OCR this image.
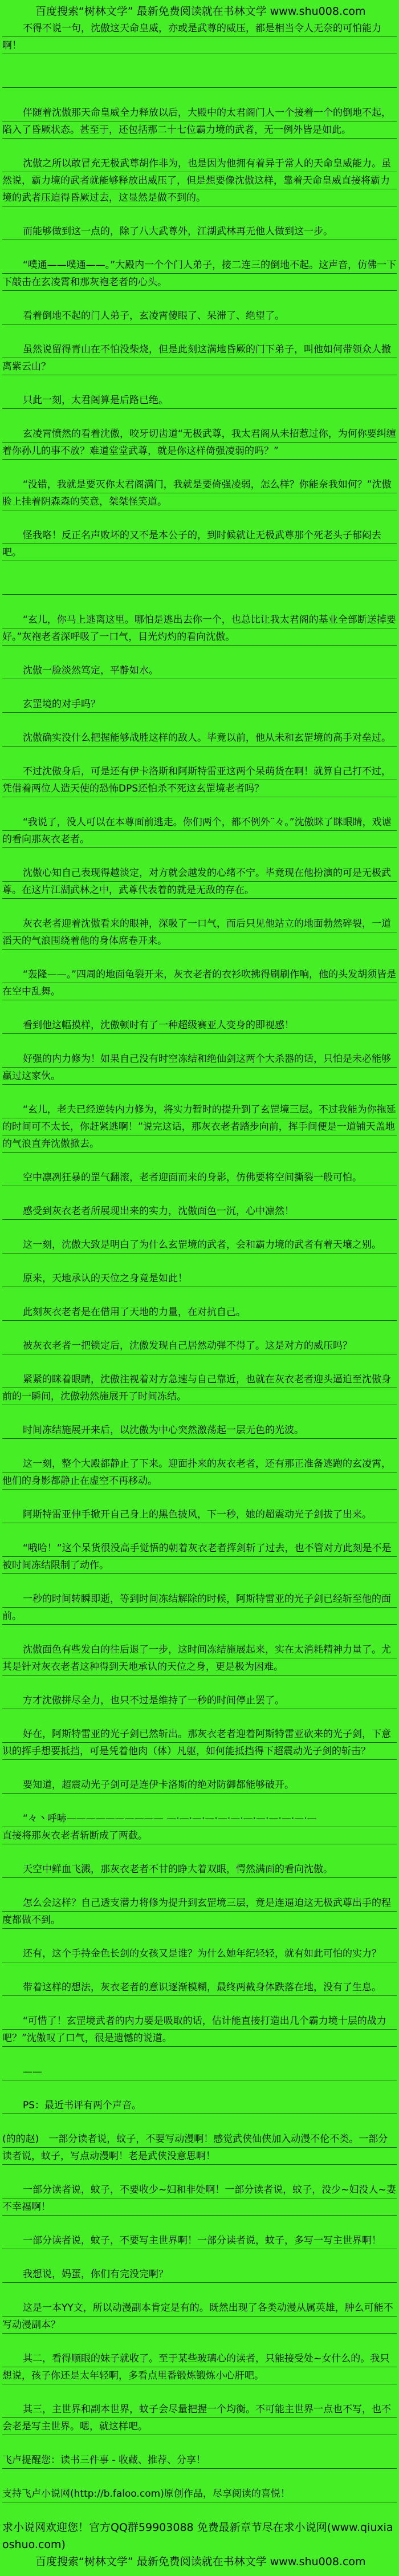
百度搜索“树林文学” 最新免费阅读就在书林文学 www.shu008.com

不得不说一句，沈傲这天命皇威，亦或是武尊的威压，都是相当令人无奈的可怕能力啊！

伴随着沈傲那天命皇威全力释放以后，大殿中的太君阁门人一个接着一个的倒地不起，陷入了昏厥状态。甚至于，还包括那二十七位霸力境的武者，无一例外皆是如此。

沈傲之所以敢冒充无极武尊胡作非为，也是因为他拥有着异于常人的天命皇威能力。虽然说，霸力境的武者就能够释放出威压了，但是想要像沈傲这样，靠着天命皇威直接将霸力境的武者压迫得昏厥过去，这显然是做不到的。

而能够做到这一点的，除了八大武尊外，江湖武林再无他人做到这一步。

“噗通——噗通——。”大殿内一个个门人弟子，接二连三的倒地不起。这声音，仿佛一下下敲击在玄凌霄和那灰袍老者的心头。

看着倒地不起的门人弟子，玄凌霄傻眼了、呆滞了、绝望了。

虽然说留得青山在不怕没柴烧，但是此刻这满地昏厥的门下弟子，叫他如何带领众人撤离紫云山？

只此一刻，太君阁算是后路已绝。

玄凌霄愤然的看着沈傲，咬牙切齿道“无极武尊，我太君阁从未招惹过你，为何你要纠缠着你孙儿的事不放？难道堂堂武尊，就是你这样倚强凌弱的吗？”

“没错，我就是要灭你太君阁满门，我就是要倚强凌弱，怎么样？你能奈我如何？”沈傲脸上挂着阴森森的笑意，桀桀怪笑道。

怪我咯！反正名声败坏的又不是本公子的，到时候就让无极武尊那个死老头子郁闷去吧。

“玄儿，你马上逃离这里。哪怕是逃出去你一个，也总比让我太君阁的基业全部断送掉要好。”灰袍老者深呼吸了一口气，目光灼灼的看向沈傲。

沈傲一脸淡然笃定，平静如水。

玄罡境的对手吗？

沈傲确实没什么把握能够战胜这样的敌人。毕竟以前，他从未和玄罡境的高手对垒过。

不过沈傲身后，可是还有伊卡洛斯和阿斯特雷亚这两个呆萌货在啊！就算自己打不过，凭借着两位人造天使的恐怖DPS还怕杀不死这玄罡境老者吗？

“我说了，没人可以在本尊面前逃走。你们两个，都不例外¨々。”沈傲眯了眯眼睛，戏谑的看向那灰衣老者。

沈傲心知自己表现得越淡定，对方就会越发的心绪不宁。毕竟现在他扮演的可是无极武尊。在这片江湖武林之中，武尊代表着的就是无敌的存在。

灰衣老者迎着沈傲看来的眼神，深吸了一口气，而后只见他站立的地面勃然碎裂，一道滔天的气浪围绕着他的身体席卷开来。

“轰隆——。”四周的地面龟裂开来，灰衣老者的衣衫吹拂得刷刷作响，他的头发胡须皆是在空中乱舞。

看到他这幅摸样，沈傲顿时有了一种超级赛亚人变身的即视感！

好强的内力修为！如果自己没有时空冻结和绝仙剑这两个大杀器的话，只怕是未必能够赢过这家伙。

“玄儿，老夫已经逆转内力修为，将实力暂时的提升到了玄罡境三层。不过我能为你拖延的时间可不太长，你赶紧逃啊！”说完这话，那灰衣老者踏步向前，挥手间便是一道铺天盖地的气浪直奔沈傲掀去。

空中凛冽狂暴的罡气翻滚，老者迎面而来的身影，仿佛要将空间撕裂一般可怕。

感受到灰衣老者所展现出来的实力，沈傲面色一沉，心中凛然！

这一刻，沈傲大致是明白了为什么玄罡境的武者，会和霸力境的武者有着天壤之别。

原来，天地承认的天位之身竟是如此！

此刻灰衣老者是在借用了天地的力量，在对抗自己。

被灰衣老者一把锁定后，沈傲发现自己居然动弹不得了。这是对方的威压吗？

紧紧的眯着眼睛，沈傲注视着对方急速与自己靠近，也就在灰衣老者迎头逼迫至沈傲身前的一瞬间，沈傲勃然施展开了时间冻结。

时间冻结施展开来后，以沈傲为中心突然激荡起一层无色的光波。

这一刻，整个大殿都静止了下来。迎面扑来的灰衣老者，还有那正准备逃跑的玄凌霄，他们的身影都静止在虚空不再移动。

阿斯特雷亚伸手掀开自己身上的黑色披风，下一秒，她的超震动光子剑拔了出来。

“哦哈！”这个呆货很没高手觉悟的朝着灰衣老者挥剑斩了过去，也不管对方此刻是不是被时间冻结限制了动作。

一秒的时间转瞬即逝，等到时间冻结解除的时候，阿斯特雷亚的光子剑已经斩至他的面前。

沈傲面色有些发白的往后退了一步，这时间冻结施展起来，实在太消耗精神力量了。尤其是针对灰衣老者这种得到天地承认的天位之身，更是极为困难。

方才沈傲拼尽全力，也只不过是维持了一秒的时间停止罢了。

好在，阿斯特雷亚的光子剑已然斩出。那灰衣老者迎着阿斯特雷亚砍来的光子剑，下意识的挥手想要抵挡，可是凭着他肉（体）凡躯，如何能抵挡得下超震动光子剑的斩击？

要知道，超震动光子剑可是连伊卡洛斯的绝对防御都能够破开。

“々丶呼哧—————————— —·—·—·—·—·—·—·—·—·—·—·—

直接将那灰衣老者斩断成了两截。

天空中鲜血飞溅，那灰衣老者不甘的睁大着双眼，愕然满面的看向沈傲。

怎么会这样？自己透支潜力将修为提升到玄罡境三层，竟是连逼迫这无极武尊出手的程度都做不到。

还有，这个手持金色长剑的女孩又是谁？为什么她年纪轻轻，就有如此可怕的实力？

带着这样的想法，灰衣老者的意识逐渐模糊，最终两截身体跌落在地，没有了生息。

“可惜了！玄罡境武者的内力要是吸取的话，估计能直接打造出几个霸力境十层的战力吧？”沈傲叹了口气，很是遗憾的说道。

——

PS：最近书评有两个声音。

(的的赵)　一部分读者说，蚊子，不要写动漫啊！感觉武侠仙侠加入动漫不伦不类。一部分读者说，蚊子，写点动漫啊！老是武侠没意思啊！

一部分读者说，蚊子，不要收少~妇和非处啊！一部分读者说，蚊子，没少~妇没人~妻不幸福啊！

一部分读者说，蚊子，不要写主世界啊！一部分读者说，蚊子，多写一写主世界啊！

我想说，妈蛋，你们有完没完啊？

这是一本YY文，所以动漫副本肯定是有的。既然出现了各类动漫从属英雄，肿么可能不写动漫副本？

其二，看得顺眼的妹子就收了。至于某些玻璃心的读者，只能接受处~女什么的。我只想说，孩子你还是太年轻啊，多看点里番锻炼锻炼小心肝吧。

其三，主世界和副本世界，蚊子会尽量把握一个均衡。不可能主世界一点也不写，也不会老是写主世界。嗯，就这样吧。

飞卢提醒您：读书三件事 - 收藏、推荐、分享！

支持飞卢小说网(http://b.faloo.com)原创作品，尽享阅读的喜悦！

求小说网欢迎您！官方QQ群59903088 免费最新章节尽在求小说网(www.qiuxiaoshuo.com)

百度搜索“树林文学” 最新免费阅读就在书林文学 www.shu008.com
